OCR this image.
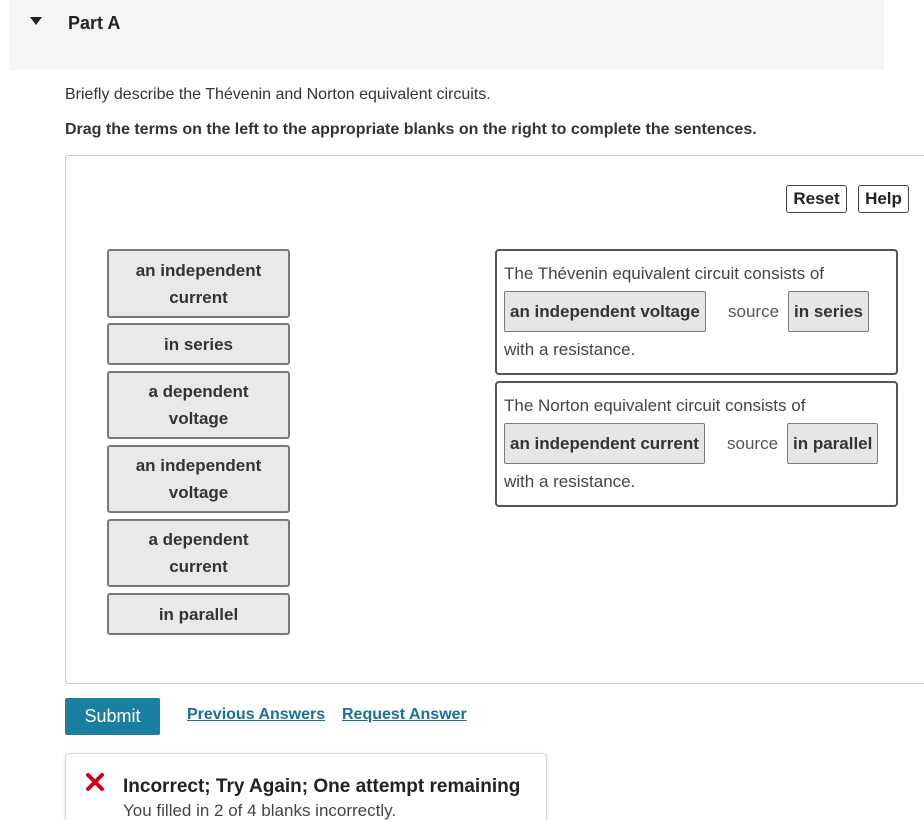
Part A
Briefly describe the Thévenin and Norton equivalent circuits.
Drag the terms on the left to the appropriate blanks on the right to complete the sentences.
Reset	Help
an independent current
in series
a dependent voltage
an independent voltage
a dependent current
in parallel
The Thévenin equivalent circuit consists of
an independent voltage	source in series
with a resistance.
The Norton equivalent circuit consists of
an independent current	source in parallel
with a resistance.
Submit	Previous Answers Request Answer
Incorrect; Try Again; One attempt remaining
You filled in 2 of 4 blanks incorrectly.
